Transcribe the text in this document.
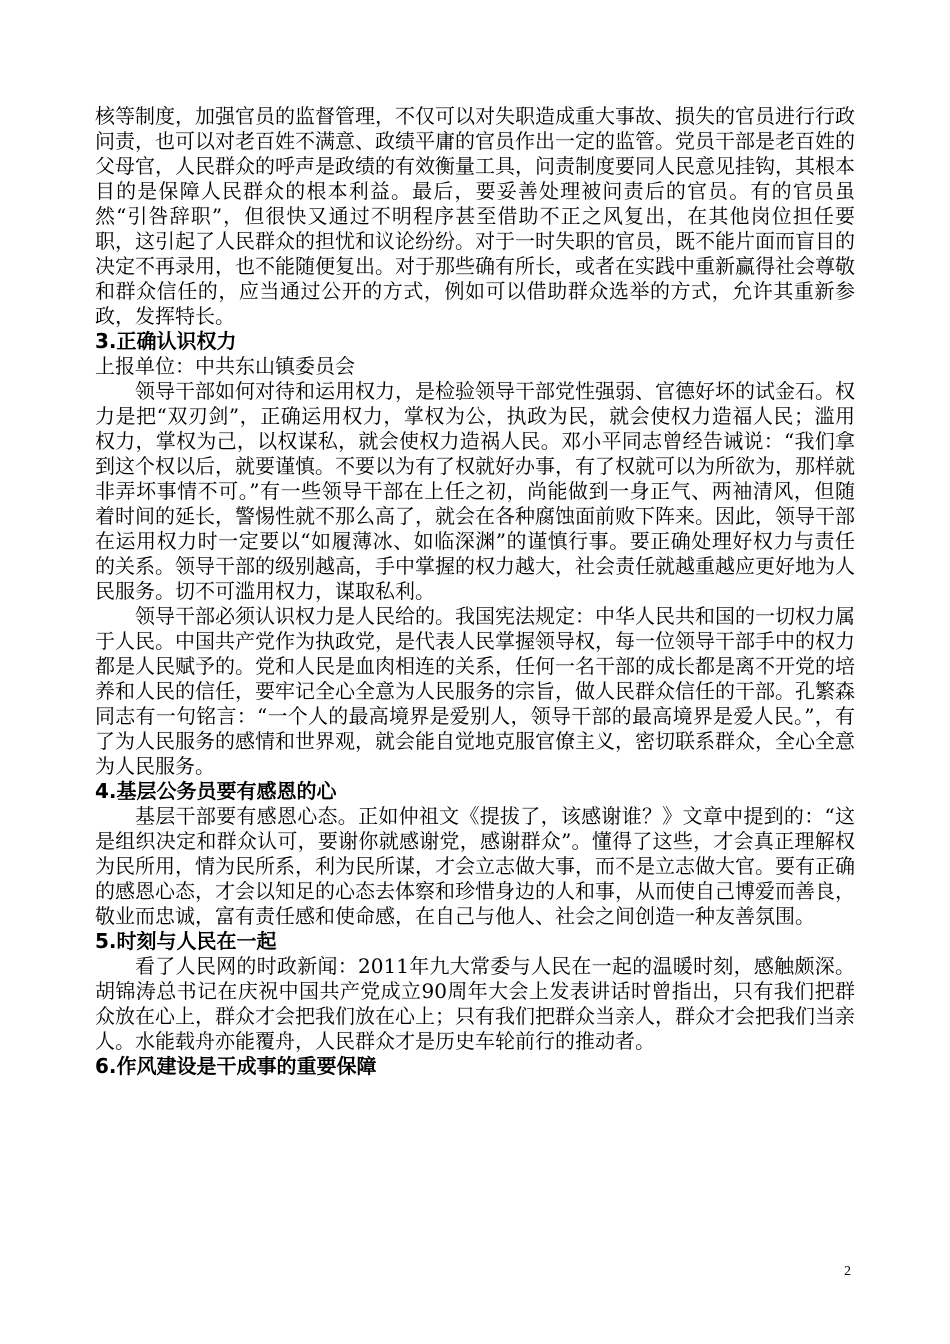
核等制度，加强官员的监督管理，不仅可以对失职造成重大事故、损失的官员进行行政问责，也可以对老百姓不满意、政绩平庸的官员作出一定的监管。党员干部是老百姓的父母官，人民群众的呼声是政绩的有效衡量工具，问责制度要同人民意见挂钩，其根本目的是保障人民群众的根本利益。最后，要妥善处理被问责后的官员。有的官员虽然“引咎辞职”，但很快又通过不明程序甚至借助不正之风复出，在其他岗位担任要职，这引起了人民群众的担忧和议论纷纷。对于一时失职的官员，既不能片面而盲目的决定不再录用，也不能随便复出。对于那些确有所长，或者在实践中重新赢得社会尊敬和群众信任的，应当通过公开的方式，例如可以借助群众选举的方式，允许其重新参政，发挥特长。

3.正确认识权力

上报单位：中共东山镇委员会

领导干部如何对待和运用权力，是检验领导干部党性强弱、官德好坏的试金石。权力是把“双刃剑”，正确运用权力，掌权为公，执政为民，就会使权力造福人民；滥用权力，掌权为己，以权谋私，就会使权力造祸人民。邓小平同志曾经告诫说：“我们拿到这个权以后，就要谨慎。不要以为有了权就好办事，有了权就可以为所欲为，那样就非弄坏事情不可。”有一些领导干部在上任之初，尚能做到一身正气、两袖清风，但随着时间的延长，警惕性就不那么高了，就会在各种腐蚀面前败下阵来。因此，领导干部在运用权力时一定要以“如履薄冰、如临深渊”的谨慎行事。要正确处理好权力与责任的关系。领导干部的级别越高，手中掌握的权力越大，社会责任就越重越应更好地为人民服务。切不可滥用权力，谋取私利。

领导干部必须认识权力是人民给的。我国宪法规定：中华人民共和国的一切权力属于人民。中国共产党作为执政党，是代表人民掌握领导权，每一位领导干部手中的权力都是人民赋予的。党和人民是血肉相连的关系，任何一名干部的成长都是离不开党的培养和人民的信任，要牢记全心全意为人民服务的宗旨，做人民群众信任的干部。孔繁森同志有一句铭言：“一个人的最高境界是爱别人，领导干部的最高境界是爱人民。”，有了为人民服务的感情和世界观，就会能自觉地克服官僚主义，密切联系群众，全心全意为人民服务。

4.基层公务员要有感恩的心

基层干部要有感恩心态。正如仲祖文《提拔了，该感谢谁？》文章中提到的：“这是组织决定和群众认可，要谢你就感谢党，感谢群众”。懂得了这些，才会真正理解权为民所用，情为民所系，利为民所谋，才会立志做大事，而不是立志做大官。要有正确的感恩心态，才会以知足的心态去体察和珍惜身边的人和事，从而使自己博爱而善良，敬业而忠诚，富有责任感和使命感，在自己与他人、社会之间创造一种友善氛围。

5.时刻与人民在一起

看了人民网的时政新闻：2011年九大常委与人民在一起的温暖时刻，感触颇深。胡锦涛总书记在庆祝中国共产党成立90周年大会上发表讲话时曾指出，只有我们把群众放在心上，群众才会把我们放在心上；只有我们把群众当亲人，群众才会把我们当亲人。水能载舟亦能覆舟，人民群众才是历史车轮前行的推动者。

6.作风建设是干成事的重要保障

2
